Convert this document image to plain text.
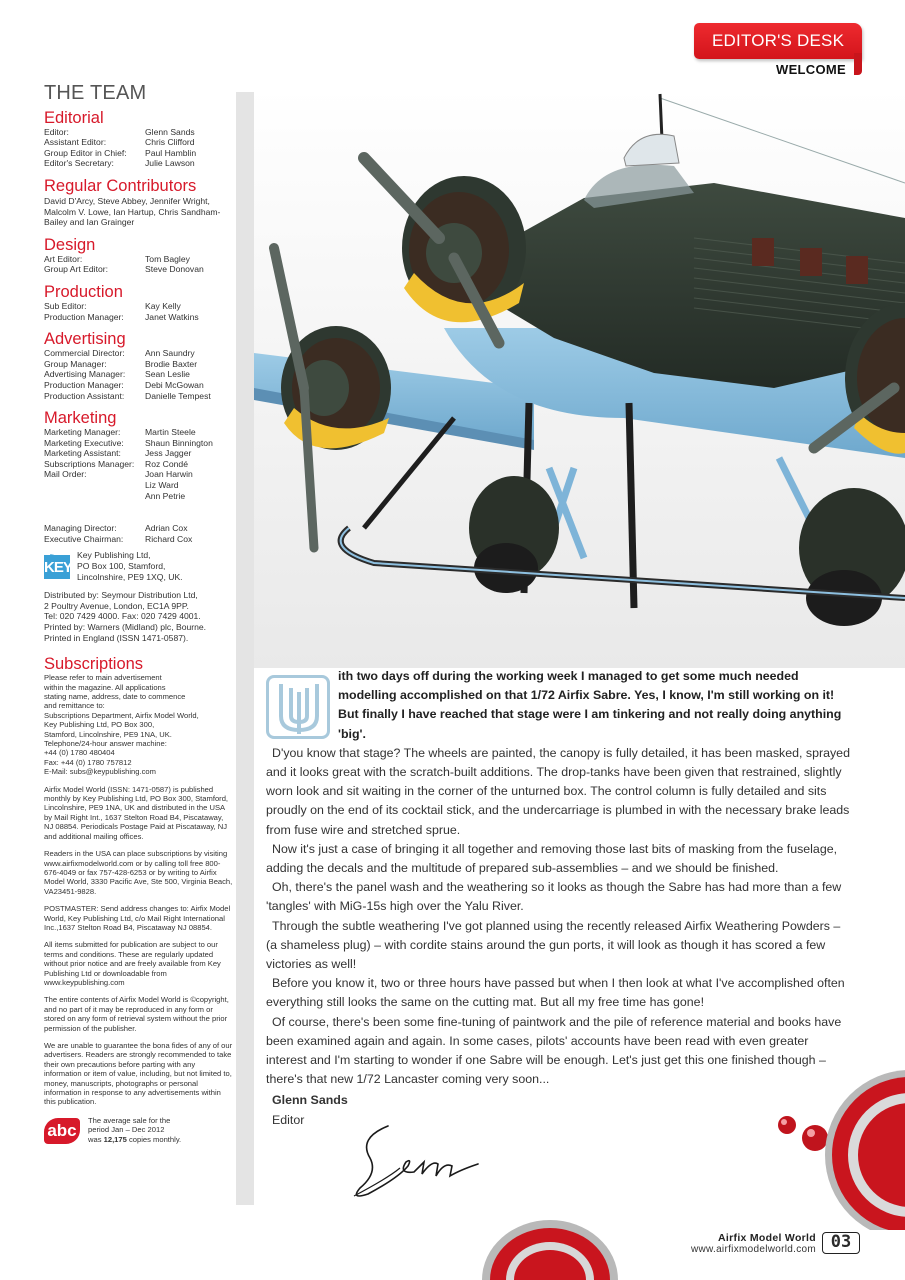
EDITOR'S DESK
WELCOME
THE TEAM
Editorial
Editor:	Glenn Sands
Assistant Editor:	Chris Clifford
Group Editor in Chief:	Paul Hamblin
Editor's Secretary:	Julie Lawson
Regular Contributors
David D'Arcy, Steve Abbey, Jennifer Wright, Malcolm V. Lowe, Ian Hartup, Chris Sandham-Bailey and Ian Grainger
Design
Art Editor:	Tom Bagley
Group Art Editor:	Steve Donovan
Production
Sub Editor:	Kay Kelly
Production Manager:	Janet Watkins
Advertising
Commercial Director:	Ann Saundry
Group Manager:	Brodie Baxter
Advertising Manager:	Sean Leslie
Production Manager:	Debi McGowan
Production Assistant:	Danielle Tempest
Marketing
Marketing Manager:	Martin Steele
Marketing Executive:	Shaun Binnington
Marketing Assistant:	Jess Jagger
Subscriptions Manager:	Roz Condé
Mail Order:	Joan Harwin
Liz Ward
Ann Petrie
Managing Director:	Adrian Cox
Executive Chairman:	Richard Cox
˜·.· KEY
Key Publishing Ltd,
PO Box 100, Stamford,
Lincolnshire, PE9 1XQ, UK.
Distributed by: Seymour Distribution Ltd,
2 Poultry Avenue, London, EC1A 9PP.
Tel: 020 7429 4000. Fax: 020 7429 4001.
Printed by: Warners (Midland) plc, Bourne.
Printed in England (ISSN 1471-0587).
Subscriptions
Please refer to main advertisement
within the magazine. All applications
stating name, address, date to commence
and remittance to:
Subscriptions Department, Airfix Model World,
Key Publishing Ltd, PO Box 300,
Stamford, Lincolnshire, PE9 1NA, UK.
Telephone/24-hour answer machine:
+44 (0) 1780 480404
Fax: +44 (0) 1780 757812
E-Mail: subs@keypublishing.com
Airfix Model World (ISSN: 1471-0587) is published monthly by Key Publishing Ltd, PO Box 300, Stamford, Lincolnshire, PE9 1NA, UK and distributed in the USA by Mail Right Int., 1637 Stelton Road B4, Piscataway, NJ 08854. Periodicals Postage Paid at Piscataway, NJ and additional mailing offices.
Readers in the USA can place subscriptions by visiting www.airfixmodelworld.com or by calling toll free 800-676-4049 or fax 757-428-6253 or by writing to Airfix Model World, 3330 Pacific Ave, Ste 500, Virginia Beach, VA23451-9828.
POSTMASTER: Send address changes to: Airfix Model World, Key Publishing Ltd, c/o Mail Right International Inc.,1637 Stelton Road B4, Piscataway NJ 08854.
All items submitted for publication are subject to our terms and conditions. These are regularly updated without prior notice and are freely available from Key Publishing Ltd or downloadable from www.keypublishing.com
The entire contents of Airfix Model World is ©copyright, and no part of it may be reproduced in any form or stored on any form of retrieval system without the prior permission of the publisher.
We are unable to guarantee the bona fides of any of our advertisers. Readers are strongly recommended to take their own precautions before parting with any information or item of value, including, but not limited to, money, manuscripts, photographs or personal information in response to any advertisements within this publication.
abc
The average sale for the
period Jan – Dec 2012
was 12,175 copies monthly.

ith two days off during the working week I managed to get some much needed modelling accomplished on that 1/72 Airfix Sabre. Yes, I know, I'm still working on it! But finally I have reached that stage were I am tinkering and not really doing anything 'big'.

D'you know that stage? The wheels are painted, the canopy is fully detailed, it has been masked, sprayed and it looks great with the scratch-built additions. The drop-tanks have been given that restrained, slightly worn look and sit waiting in the corner of the unturned box. The control column is fully detailed and sits proudly on the end of its cocktail stick, and the undercarriage is plumbed in with the necessary brake leads from fuse wire and stretched sprue.

Now it's just a case of bringing it all together and removing those last bits of masking from the fuselage, adding the decals and the multitude of prepared sub-assemblies – and we should be finished.

Oh, there's the panel wash and the weathering so it looks as though the Sabre has had more than a few 'tangles' with MiG-15s high over the Yalu River.

Through the subtle weathering I've got planned using the recently released Airfix Weathering Powders – (a shameless plug) – with cordite stains around the gun ports, it will look as though it has scored a few victories as well!

Before you know it, two or three hours have passed but when I then look at what I've accomplished often everything still looks the same on the cutting mat. But all my free time has gone!

Of course, there's been some fine-tuning of paintwork and the pile of reference material and books have been examined again and again. In some cases, pilots' accounts have been read with even greater interest and I'm starting to wonder if one Sabre will be enough. Let's just get this one finished though – there's that new 1/72 Lancaster coming very soon...

Glenn Sands
Editor
Airfix Model World
www.airfixmodelworld.com 03
